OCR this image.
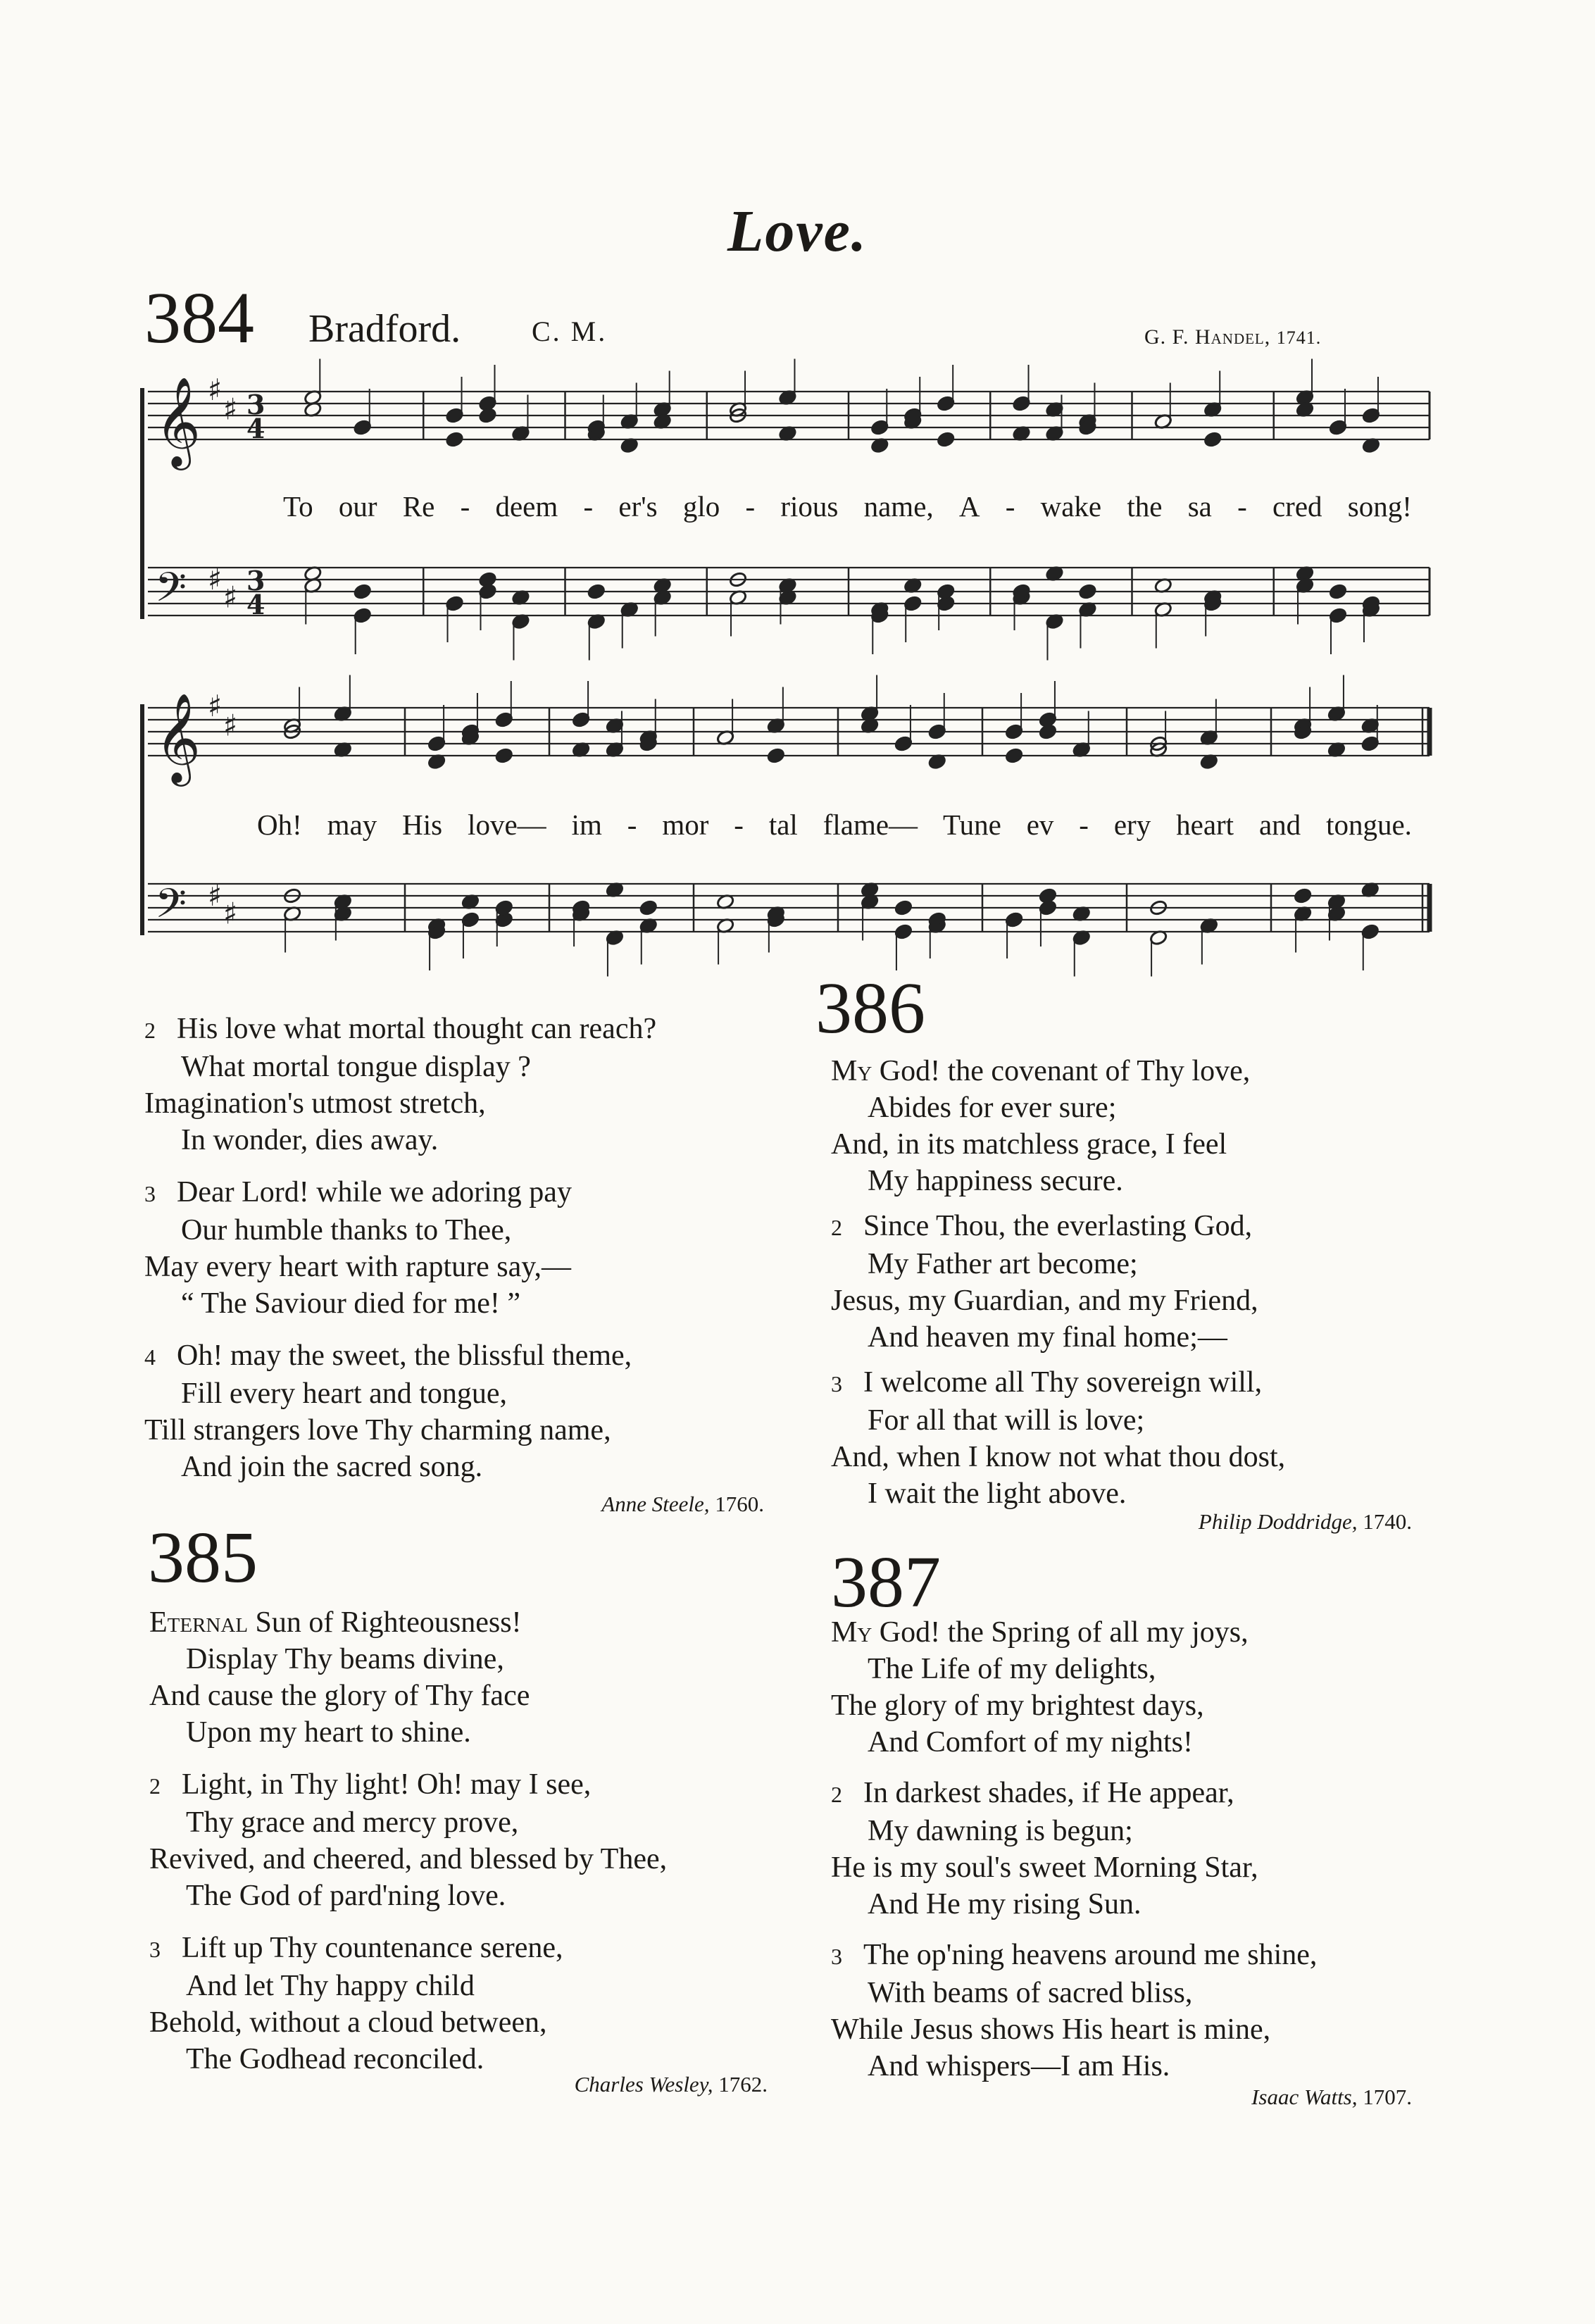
Love.
384 Bradford.	C. M.	G. F. Handel, 1741.
𝄞
𝄢
♯
♯
♯
♯
3
4
3
4
𝄞
𝄢
♯
♯
♯
♯
To our Re - deem - er's glo - rious name, A - wake the sa - cred song!
Oh! may His love— im - mor - tal flame— Tune ev - ery heart and tongue.
2 His love what mortal thought can reach?
What mortal tongue display ?
Imagination's utmost stretch,
In wonder, dies away.
3 Dear Lord! while we adoring pay
Our humble thanks to Thee,
May every heart with rapture say,—
“ The Saviour died for me! ”
4 Oh! may the sweet, the blissful theme,
Fill every heart and tongue,
Till strangers love Thy charming name,
And join the sacred song.
Anne Steele, 1760.
385
Eternal Sun of Righteousness!
Display Thy beams divine,
And cause the glory of Thy face
Upon my heart to shine.
2 Light, in Thy light! Oh! may I see,
Thy grace and mercy prove,
Revived, and cheered, and blessed by Thee,
The God of pard'ning love.
3 Lift up Thy countenance serene,
And let Thy happy child
Behold, without a cloud between,
The Godhead reconciled.
Charles Wesley, 1762.
386
My God! the covenant of Thy love,
Abides for ever sure;
And, in its matchless grace, I feel
My happiness secure.
2 Since Thou, the everlasting God,
My Father art become;
Jesus, my Guardian, and my Friend,
And heaven my final home;—
3 I welcome all Thy sovereign will,
For all that will is love;
And, when I know not what thou dost,
I wait the light above.
Philip Doddridge, 1740.
387
My God! the Spring of all my joys,
The Life of my delights,
The glory of my brightest days,
And Comfort of my nights!
2 In darkest shades, if He appear,
My dawning is begun;
He is my soul's sweet Morning Star,
And He my rising Sun.
3 The op'ning heavens around me shine,
With beams of sacred bliss,
While Jesus shows His heart is mine,
And whispers—I am His.
Isaac Watts, 1707.
